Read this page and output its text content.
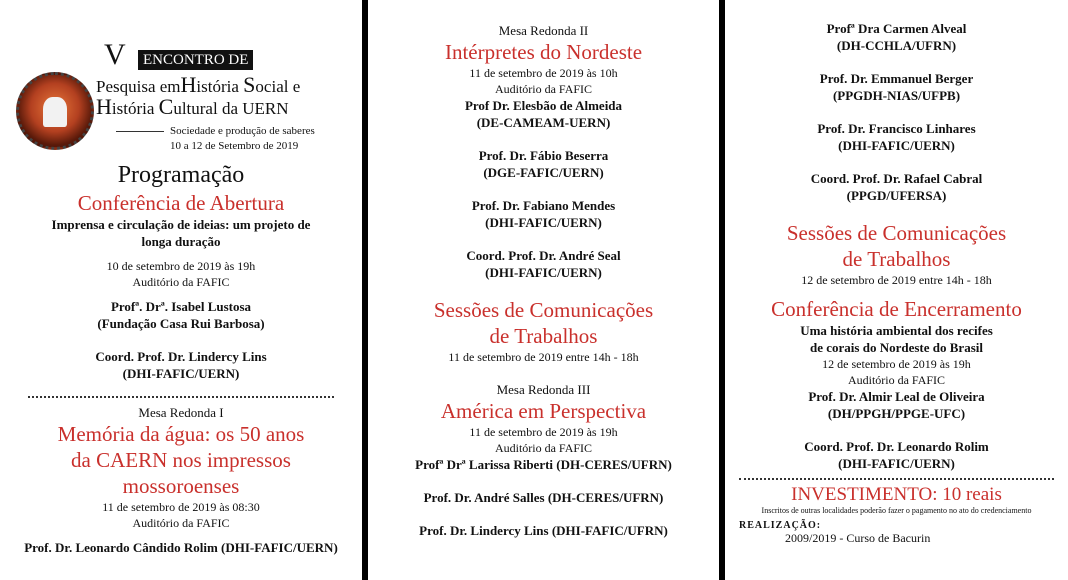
V	ENCONTRO DE
Pesquisa emHistória Social e
História Cultural da UERN
Sociedade e produção de saberes
10 a 12 de Setembro de 2019
Programação
Conferência de Abertura
Imprensa e circulação de ideias: um projeto de
longa duração
10 de setembro de 2019 às 19h
Auditório da FAFIC
Profª. Drª. Isabel Lustosa
(Fundação Casa Rui Barbosa)
Coord. Prof. Dr. Lindercy Lins
(DHI-FAFIC/UERN)
Mesa Redonda I
Memória da água: os 50 anos
da CAERN nos impressos
mossoroenses
11 de setembro de 2019 às 08:30
Auditório da FAFIC
Prof. Dr. Leonardo Cândido Rolim (DHI-FAFIC/UERN)
Mesa Redonda II
Intérpretes do Nordeste
11 de setembro de 2019 às 10h
Auditório da FAFIC
Prof Dr. Elesbão de Almeida
(DE-CAMEAM-UERN)
Prof. Dr. Fábio Beserra
(DGE-FAFIC/UERN)
Prof. Dr. Fabiano Mendes
(DHI-FAFIC/UERN)
Coord. Prof. Dr. André Seal
(DHI-FAFIC/UERN)
Sessões de Comunicações
de Trabalhos
11 de setembro de 2019 entre 14h - 18h
Mesa Redonda III
América em Perspectiva
11 de setembro de 2019 às 19h
Auditório da FAFIC
Profª Drª Larissa Riberti (DH-CERES/UFRN)
Prof. Dr. André Salles (DH-CERES/UFRN)
Prof. Dr. Lindercy Lins (DHI-FAFIC/UFRN)
Profª Dra Carmen Alveal
(DH-CCHLA/UFRN)
Prof. Dr. Emmanuel Berger
(PPGDH-NIAS/UFPB)
Prof. Dr. Francisco Linhares
(DHI-FAFIC/UERN)
Coord. Prof. Dr. Rafael Cabral
(PPGD/UFERSA)
Sessões de Comunicações
de Trabalhos
12 de setembro de 2019 entre 14h - 18h
Conferência de Encerramento
Uma história ambiental dos recifes
de corais do Nordeste do Brasil
12 de setembro de 2019 às 19h
Auditório da FAFIC
Prof. Dr. Almir Leal de Oliveira
(DH/PPGH/PPGE-UFC)
Coord. Prof. Dr. Leonardo Rolim
(DHI-FAFIC/UERN)
INVESTIMENTO: 10 reais
Inscritos de outras localidades poderão fazer o pagamento no ato do credenciamento
REALIZAÇÃO:
2009/2019 - Curso de Bacurin
